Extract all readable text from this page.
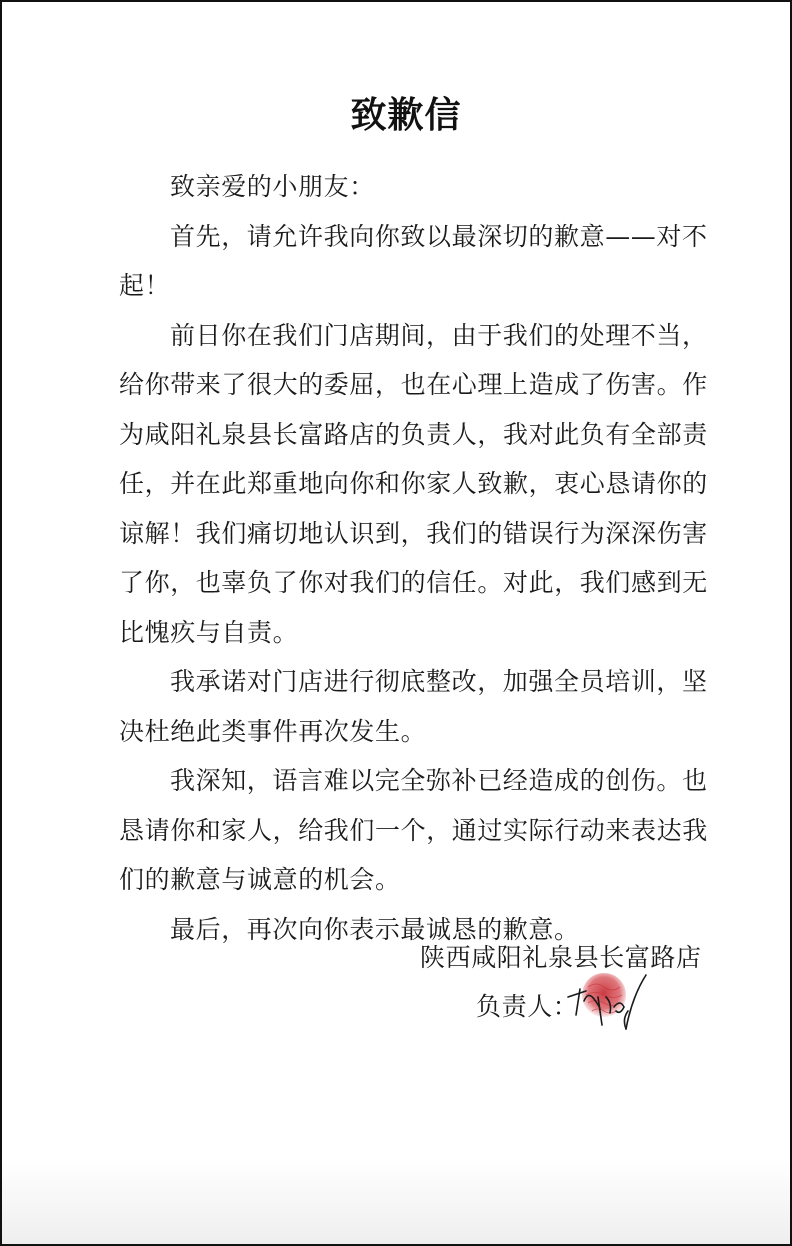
致歉信
致亲爱的小朋友：
首先，请允许我向你致以最深切的歉意——对不
起！
前日你在我们门店期间，由于我们的处理不当，
给你带来了很大的委屈，也在心理上造成了伤害。作
为咸阳礼泉县长富路店的负责人，我对此负有全部责
任，并在此郑重地向你和你家人致歉，衷心恳请你的
谅解！我们痛切地认识到，我们的错误行为深深伤害
了你，也辜负了你对我们的信任。对此，我们感到无
比愧疚与自责。
我承诺对门店进行彻底整改，加强全员培训，坚
决杜绝此类事件再次发生。
我深知，语言难以完全弥补已经造成的创伤。也
恳请你和家人，给我们一个，通过实际行动来表达我
们的歉意与诚意的机会。
最后，再次向你表示最诚恳的歉意。
陕西咸阳礼泉县长富路店
负责人：
